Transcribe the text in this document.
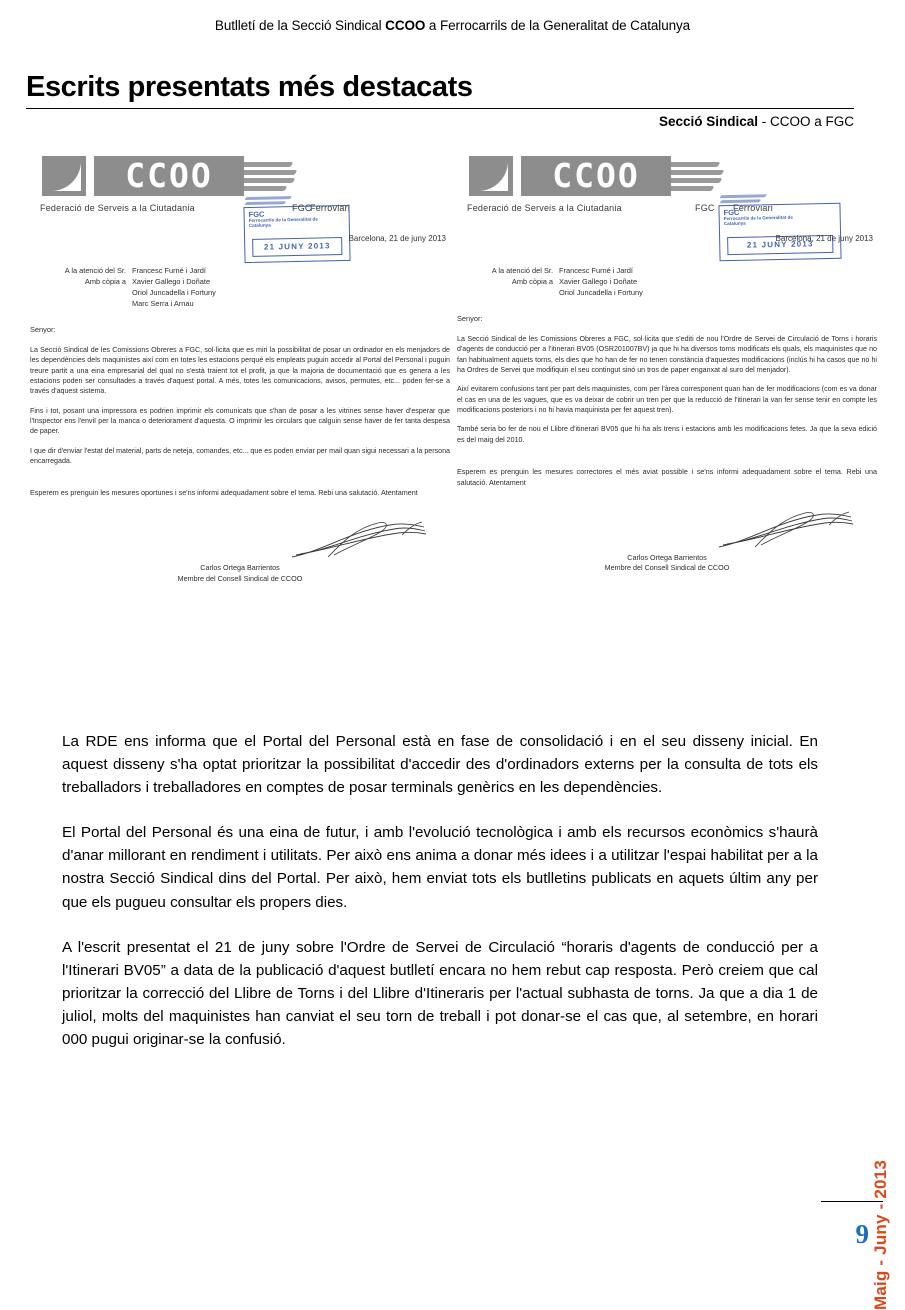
Butlletí de la Secció Sindical CCOO a Ferrocarrils de la Generalitat de Catalunya
Escrits presentats més destacats
Secció Sindical - CCOO a FGC
CCOO
Federació de Serveis a la Ciutadania	FGC
Ferroviari
FGC
Ferrocarrils de la Generalitat de Catalunya
21 JUNY 2013
Barcelona, 21 de juny 2013
A la atenció del Sr. Francesc Furné i Jardí
Amb còpia a Xavier Gallego i Doñate
Oriol Juncadella i Fortuny
Marc Serra i Arnau
Senyor:
La Secció Sindical de les Comissions Obreres a FGC, sol·licita que es miri la possibilitat de posar un ordinador en els menjadors de les dependències dels maquinistes així com en totes les estacions perquè els empleats puguin accedir al Portal del Personal i puguin treure partit a una eina empresarial del qual no s'està traient tot el profit, ja que la majoria de documentació que es genera a les estacions poden ser consultades a través d'aquest portal. A més, totes les comunicacions, avisos, permutes, etc... poden fer-se a través d'aquest sistema.
Fins i tot, posant una impressora es podrien imprimir els comunicats que s'han de posar a les vitrines sense haver d'esperar que l'Inspector ens l'enviï per la manca o deteriorament d'aquesta. O imprimir les circulars que calguin sense haver de fer tanta despesa de paper.
I que dir d'enviar l'estat del material, parts de neteja, comandes, etc... que es poden enviar per mail quan sigui necessari a la persona encarregada.
Esperem es prenguin les mesures oportunes i se'ns informi adequadament sobre el tema. Rebi una salutació. Atentament
Carlos Ortega Barrientos
Membre del Consell Sindical de CCOO
CCOO
Federació de Serveis a la Ciutadania	FGC Ferroviari
FGC
Ferrocarrils de la Generalitat de Catalunya
21 JUNY 2013
Barcelona, 21 de juny 2013
A la atenció del Sr. Francesc Furné i Jardí
Amb còpia a Xavier Gallego i Doñate
Oriol Juncadella i Fortuny
Senyor:
La Secció Sindical de les Comissions Obreres a FGC, sol·licita que s'editi de nou l'Ordre de Servei de Circulació de Torns i horaris d'agents de conducció per a l'itinerari BV05 (OSR201007BV) ja que hi ha diversos torns modificats els quals, els maquinistes que no fan habitualment aquets torns, els dies que ho han de fer no tenen constància d'aquestes modificacions (inclús hi ha casos que no hi ha Ordres de Servei que modifiquin el seu contingut sinó un tros de paper enganxat al suro del menjador).
Així evitarem confusions tant per part dels maquinistes, com per l'àrea corresponent quan han de fer modificacions (com es va donar el cas en una de les vagues, que es va deixar de cobrir un tren per que la reducció de l'itinerari la van fer sense tenir en compte les modificacions posteriors i no hi havia maquinista per fer aquest tren).
També seria bo fer de nou el Llibre d'itinerari BV05 que hi ha als trens i estacions amb les modificacions fetes. Ja que la seva edició es del maig del 2010.
Esperem es prenguin les mesures correctores el més aviat possible i se'ns informi adequadament sobre el tema. Rebi una salutació. Atentament
Carlos Ortega Barrientos
Membre del Consell Sindical de CCOO

La RDE ens informa que el Portal del Personal està en fase de consolidació i en el seu disseny inicial. En aquest disseny s'ha optat prioritzar la possibilitat d'accedir des d'ordinadors externs per la consulta de tots els treballadors i treballadores en comptes de posar terminals genèrics en les dependències.

El Portal del Personal és una eina de futur, i amb l'evolució tecnològica i amb els recursos econòmics s'haurà d'anar millorant en rendiment i utilitats. Per això ens anima a donar més idees i a utilitzar l'espai habilitat per a la nostra Secció Sindical dins del Portal. Per això, hem enviat tots els butlletins publicats en aquets últim any per que els pugueu consultar els propers dies.

A l'escrit presentat el 21 de juny sobre l'Ordre de Servei de Circulació “horaris d'agents de conducció per a l'Itinerari BV05” a data de la publicació d'aquest butlletí encara no hem rebut cap resposta. Però creiem que cal prioritzar la correcció del Llibre de Torns i del Llibre d'Itineraris per l'actual subhasta de torns. Ja que a dia 1 de juliol, molts del maquinistes han canviat el seu torn de treball i pot donar-se el cas que, al setembre, en horari 000 pugui originar-se la confusió.

Maig - Juny - 2013
9
